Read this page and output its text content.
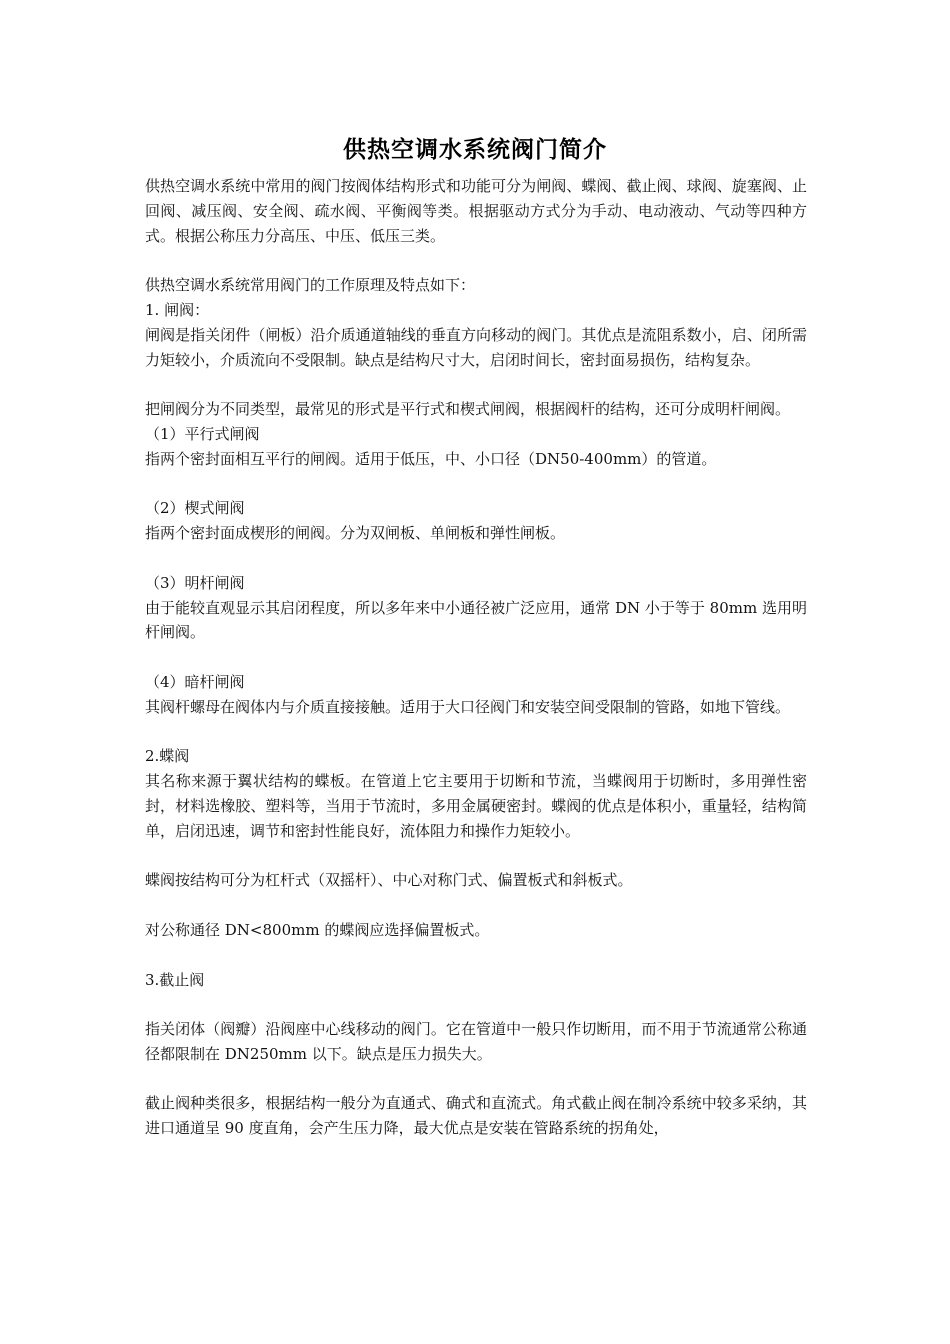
供热空调水系统阀门简介

供热空调水系统中常用的阀门按阀体结构形式和功能可分为闸阀、蝶阀、截止阀、球阀、旋塞阀、止回阀、减压阀、安全阀、疏水阀、平衡阀等类。根据驱动方式分为手动、电动液动、气动等四种方式。根据公称压力分高压、中压、低压三类。

供热空调水系统常用阀门的工作原理及特点如下：

1. 闸阀：

闸阀是指关闭件（闸板）沿介质通道轴线的垂直方向移动的阀门。其优点是流阻系数小，启、闭所需力矩较小，介质流向不受限制。缺点是结构尺寸大，启闭时间长，密封面易损伤，结构复杂。

把闸阀分为不同类型，最常见的形式是平行式和楔式闸阀，根据阀杆的结构，还可分成明杆闸阀。

（1）平行式闸阀

指两个密封面相互平行的闸阀。适用于低压，中、小口径（DN50-400mm）的管道。

（2）楔式闸阀

指两个密封面成楔形的闸阀。分为双闸板、单闸板和弹性闸板。

（3）明杆闸阀

由于能较直观显示其启闭程度，所以多年来中小通径被广泛应用，通常 DN 小于等于 80mm 选用明杆闸阀。

（4）暗杆闸阀

其阀杆螺母在阀体内与介质直接接触。适用于大口径阀门和安装空间受限制的管路，如地下管线。

2.蝶阀

其名称来源于翼状结构的蝶板。在管道上它主要用于切断和节流，当蝶阀用于切断时，多用弹性密封，材料选橡胶、塑料等，当用于节流时，多用金属硬密封。蝶阀的优点是体积小，重量轻，结构简单，启闭迅速，调节和密封性能良好，流体阻力和操作力矩较小。

蝶阀按结构可分为杠杆式（双摇杆）、中心对称门式、偏置板式和斜板式。

对公称通径 DN<800mm 的蝶阀应选择偏置板式。

3.截止阀

指关闭体（阀瓣）沿阀座中心线移动的阀门。它在管道中一般只作切断用，而不用于节流通常公称通径都限制在 DN250mm 以下。缺点是压力损失大。

截止阀种类很多，根据结构一般分为直通式、确式和直流式。角式截止阀在制冷系统中较多采纳，其进口通道呈 90 度直角，会产生压力降，最大优点是安装在管路系统的拐角处，
